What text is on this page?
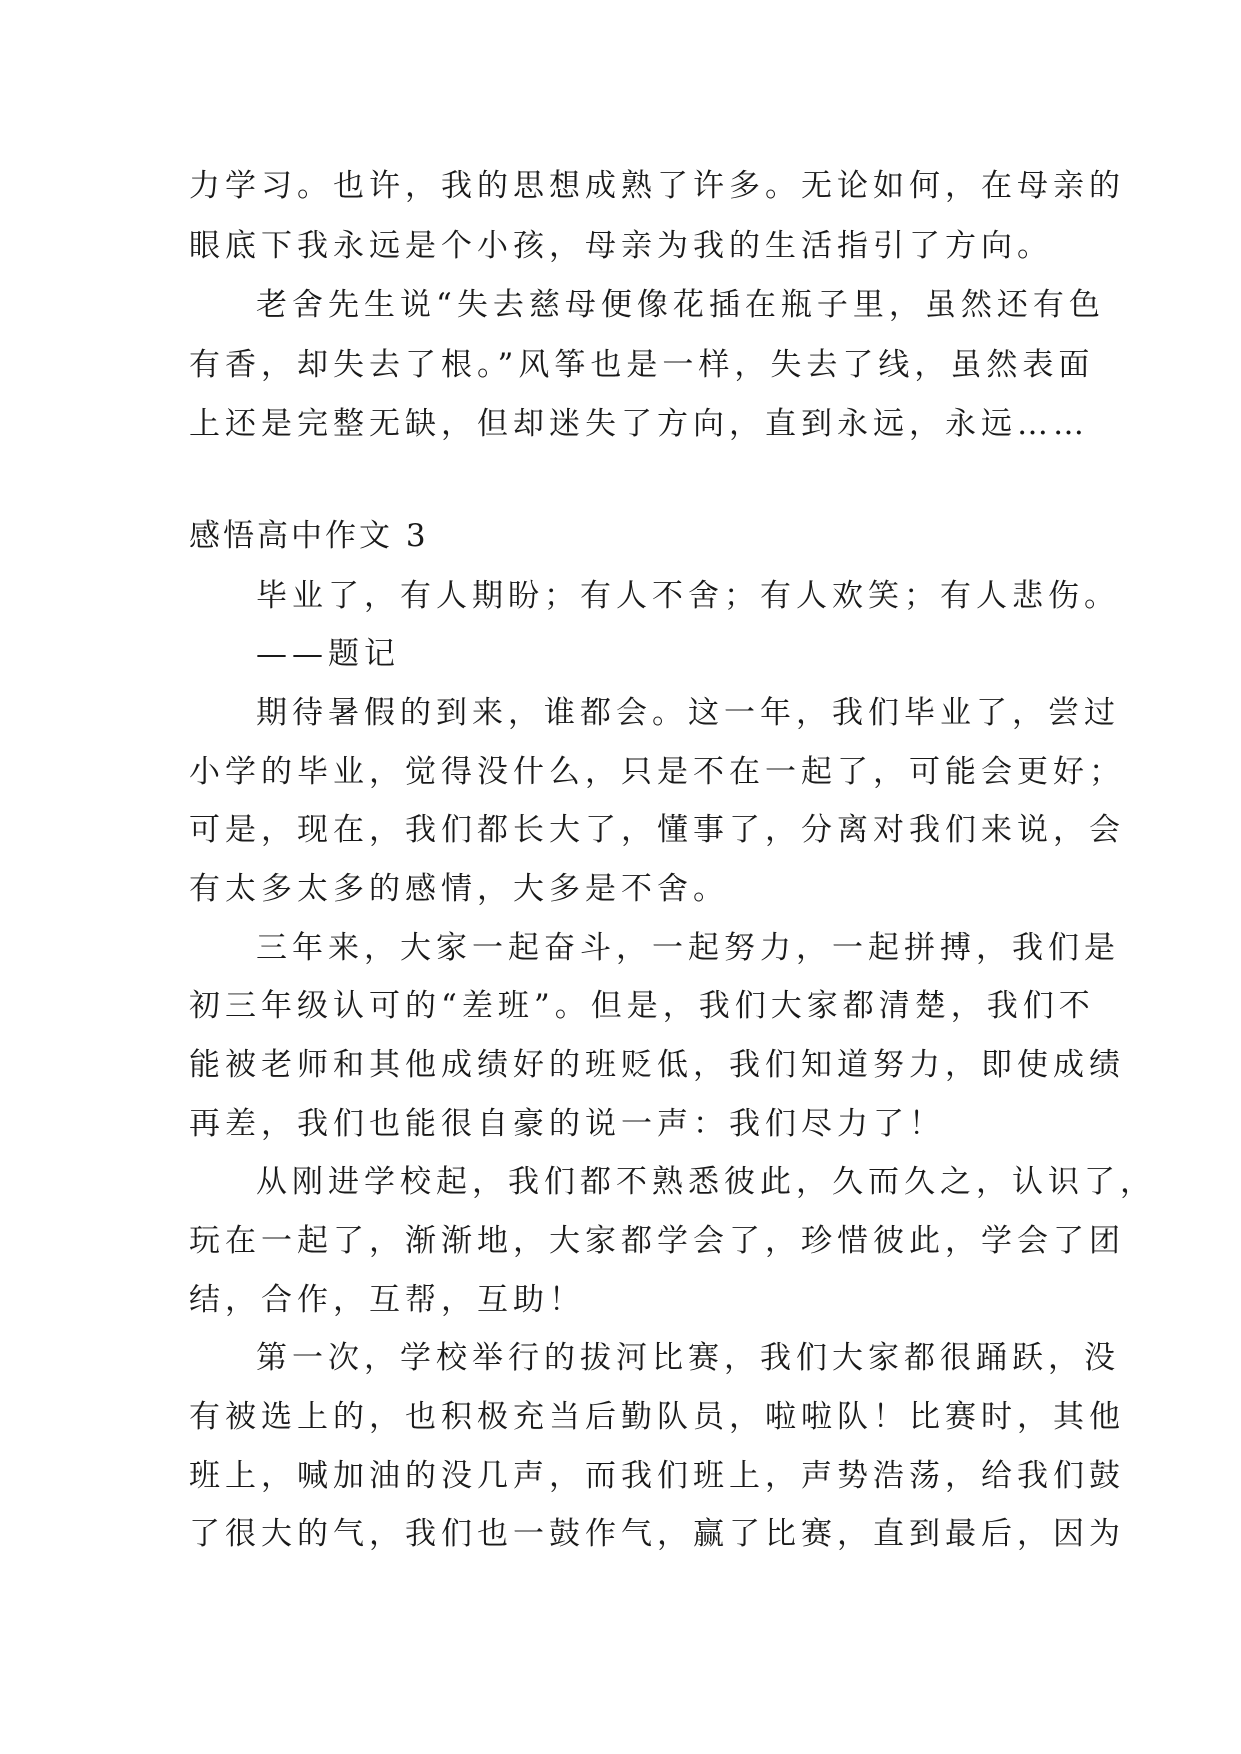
力学习。也许，我的思想成熟了许多。无论如何，在母亲的
眼底下我永远是个小孩，母亲为我的生活指引了方向。
老舍先生说“失去慈母便像花插在瓶子里，虽然还有色
有香，却失去了根。”风筝也是一样，失去了线，虽然表面
上还是完整无缺，但却迷失了方向，直到永远，永远……
感悟高中作文 3
毕业了，有人期盼；有人不舍；有人欢笑；有人悲伤。
——题记
期待暑假的到来，谁都会。这一年，我们毕业了，尝过
小学的毕业，觉得没什么，只是不在一起了，可能会更好；
可是，现在，我们都长大了，懂事了，分离对我们来说，会
有太多太多的感情，大多是不舍。
三年来，大家一起奋斗，一起努力，一起拼搏，我们是
初三年级认可的“差班”。但是，我们大家都清楚，我们不
能被老师和其他成绩好的班贬低，我们知道努力，即使成绩
再差，我们也能很自豪的说一声：我们尽力了！
从刚进学校起，我们都不熟悉彼此，久而久之，认识了，
玩在一起了，渐渐地，大家都学会了，珍惜彼此，学会了团
结，合作，互帮，互助！
第一次，学校举行的拔河比赛，我们大家都很踊跃，没
有被选上的，也积极充当后勤队员，啦啦队！比赛时，其他
班上，喊加油的没几声，而我们班上，声势浩荡，给我们鼓
了很大的气，我们也一鼓作气，赢了比赛，直到最后，因为
